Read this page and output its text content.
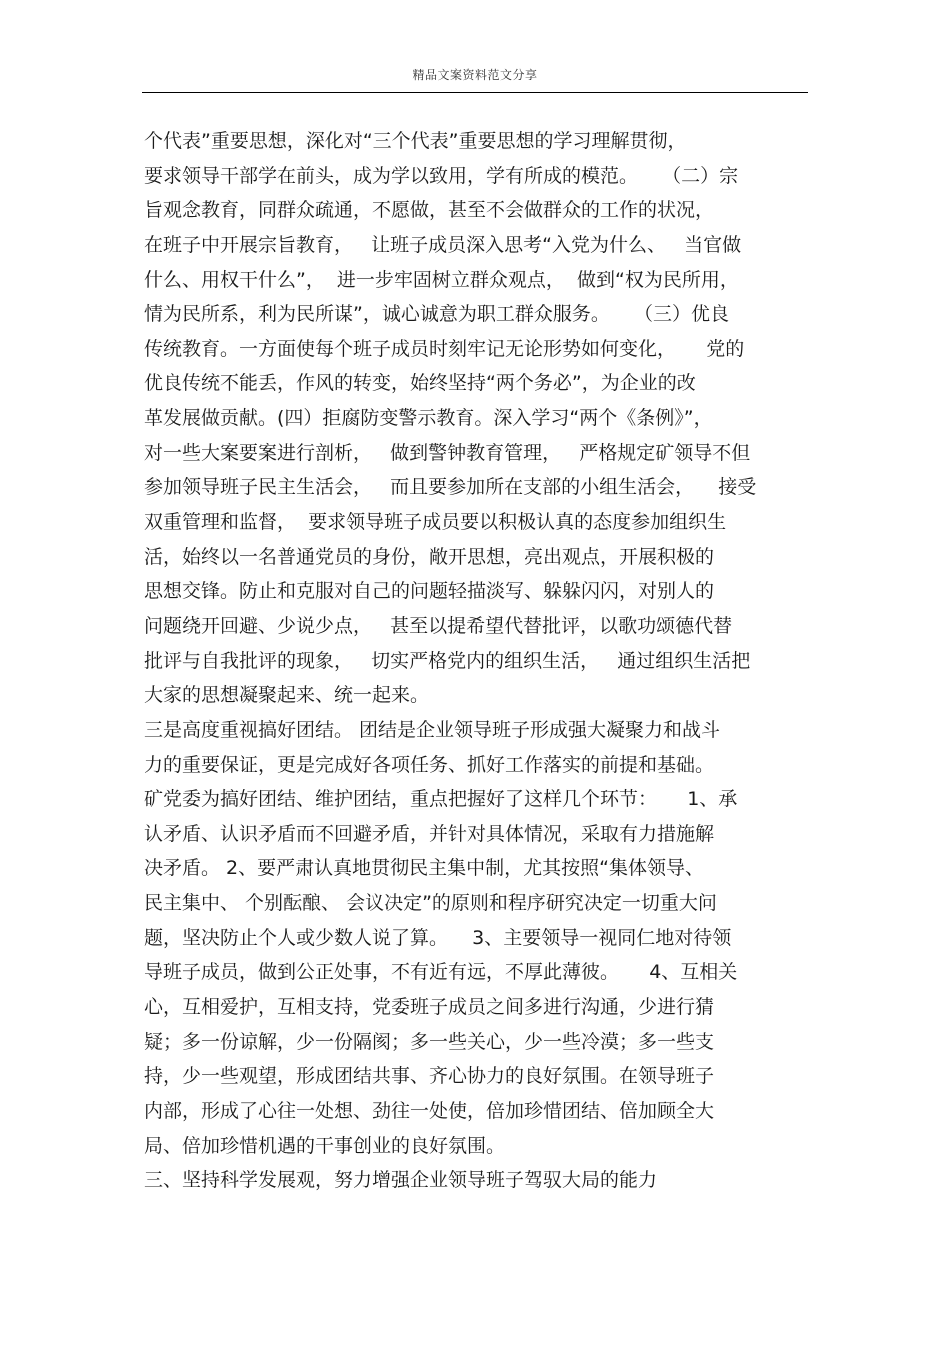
精品文案资料范文分享
个代表”重要思想，深化对“三个代表”重要思想的学习理解贯彻，
要求领导干部学在前头，成为学以致用，学有所成的模范。    （二）宗
旨观念教育，同群众疏通，不愿做，甚至不会做群众的工作的状况，
在班子中开展宗旨教育，   让班子成员深入思考“入党为什么、   当官做
什么、用权干什么”，  进一步牢固树立群众观点，  做到“权为民所用，
情为民所系，利为民所谋”，诚心诚意为职工群众服务。    （三）优良
传统教育。一方面使每个班子成员时刻牢记无论形势如何变化，     党的
优良传统不能丢，作风的转变，始终坚持“两个务必”，为企业的改
革发展做贡献。(四）拒腐防变警示教育。深入学习“两个《条例》”，
对一些大案要案进行剖析，   做到警钟教育管理，   严格规定矿领导不但
参加领导班子民主生活会，   而且要参加所在支部的小组生活会，    接受
双重管理和监督，  要求领导班子成员要以积极认真的态度参加组织生
活，始终以一名普通党员的身份，敞开思想，亮出观点，开展积极的
思想交锋。防止和克服对自己的问题轻描淡写、躲躲闪闪，对别人的
问题绕开回避、少说少点，   甚至以提希望代替批评，以歌功颂德代替
批评与自我批评的现象，   切实严格党内的组织生活，   通过组织生活把
大家的思想凝聚起来、统一起来。
三是高度重视搞好团结。 团结是企业领导班子形成强大凝聚力和战斗
力的重要保证，更是完成好各项任务、抓好工作落实的前提和基础。
矿党委为搞好团结、维护团结，重点把握好了这样几个环节：     1、承
认矛盾、认识矛盾而不回避矛盾，并针对具体情况，采取有力措施解
决矛盾。 2、要严肃认真地贯彻民主集中制，尤其按照“集体领导、
民主集中、 个别酝酿、 会议决定”的原则和程序研究决定一切重大问
题，坚决防止个人或少数人说了算。    3、主要领导一视同仁地对待领
导班子成员，做到公正处事，不有近有远，不厚此薄彼。     4、互相关
心，互相爱护，互相支持，党委班子成员之间多进行沟通，少进行猜
疑；多一份谅解，少一份隔阂；多一些关心，少一些冷漠；多一些支
持，少一些观望，形成团结共事、齐心协力的良好氛围。在领导班子
内部，形成了心往一处想、劲往一处使，倍加珍惜团结、倍加顾全大
局、倍加珍惜机遇的干事创业的良好氛围。
三、坚持科学发展观，努力增强企业领导班子驾驭大局的能力
